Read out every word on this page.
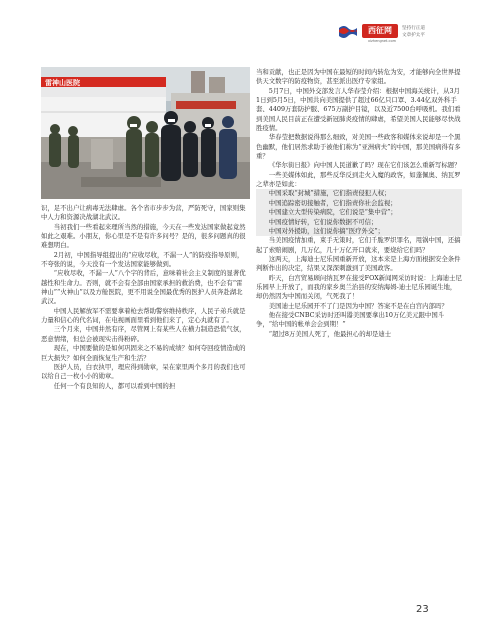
西征网
xizhengnet.com
坚持行正道
文章护太平
雷神山医院

识，足不出户让病毒无法肆虐。各个省市步步为营，严防死守，国家则集中人力和资源决战湖北武汉。

当初我们一些看起来理所当然的措施，今天在一些发达国家做起竟然如此之艰难。小朋友，你心里是不是有许多问号？是的，很多问题真的很难想明白。

2月初，中国指导组提出的“应收尽收，不漏一人”的防疫指导原则，不夸张的说，今天没有一个发达国家能够做到。

“应收尽收，不漏一人”八个字的背后，意味着社会主义制度的显著优越性和生命力。否则，就不会有全部由国家承担的救治费，也不会有“雷神山”“火神山”以及方舱医院，更不用说全国最优秀的医护人员奔赴湖北武汉。

中国人民解放军不需要拿着枪去帮助警察维持秩序，人民子弟兵就是力量和信心的代名词，在电视画面里看到他们来了，定心丸就有了。

三个月来，中国井然有序，尽管网上有某些人在横力制造恐慌气氛，恶意情绪，但总会被现实击得粉碎。

现在，中国要做的是如何巩固来之不易的成绩？如何夺回疫情造成的巨大损失？如何全面恢复生产和生活？

医护人员，白衣执甲，理应得到勋章，呆在家里两个多月的我们也可以给自己一枚小小的勋章。

任何一个有良知的人，都可以看到中国的担

当和贡献，也正是因为中国在最短的时间内转危为安，才能够向全世界提供天文数字的防疫物资，甚至派出医疗专家组。

5月7日，中国外交部发言人华春莹介绍：根据中国海关统计，从3月1日到5月5日，中国共向美国提供了超过66亿只口罩、3.44亿双外科手套、4409万套防护服、675万副护目镜，以及近7500台呼吸机。我们看到美国人民目前正在遭受新冠肺炎疫情的肆虐，希望美国人民能够尽快战胜疫情。

华春莹把数据说得那么细致，对美国一些政客和媒体来说却是一个黑色幽默，他们居然求助于被他们称为“亚洲病夫”的中国，那美国病得有多重？

《华尔街日报》向中国人民道歉了吗？现在它们该怎么重新写标题？

一些美媒体如此，那些反华反到走火入魔的政客，如蓬佩奥、纳瓦罗之辈亦是如此：

中国采取“封城”措施，它们指责侵犯人权；

中国追踪密切接触者，它们指责你社会监视；

中国建立大型传染病院，它们说是“集中营”；

中国疫情好转，它们说你数据不可信；

中国对外援助，这们说你搞“医疗外交”；

当美国疫情加重，束手无策时，它们千脆罗织罪名，甩锅中国，还搞起了索赔闹剧，几万亿，几十万亿开口就来，要烧给它们吗？

这两天，上海迪士尼乐园重新开放，这本来是上海方面根据安全条件判断作出的决定，结果又深深刺激到了美国政客。

昨天，白宫贸易顾问纳瓦罗在接受FOX新闻网采访时说：上海迪士尼乐园早上开放了，而我的家乡奥兰治县的安纳海姆-迪士尼乐园诞生地，却仍然因为中国而关闭，气死我了！

美国迪士尼乐园开不了门是因为中国？答案不是在白宫内部吗？

他在接受CNBC采访时还叫嚣美国要拿出10万亿美元跟中国斗争，“给中国的帐单会会到期！”

“超过8万美国人死了，他最担心的却是迪士

23
